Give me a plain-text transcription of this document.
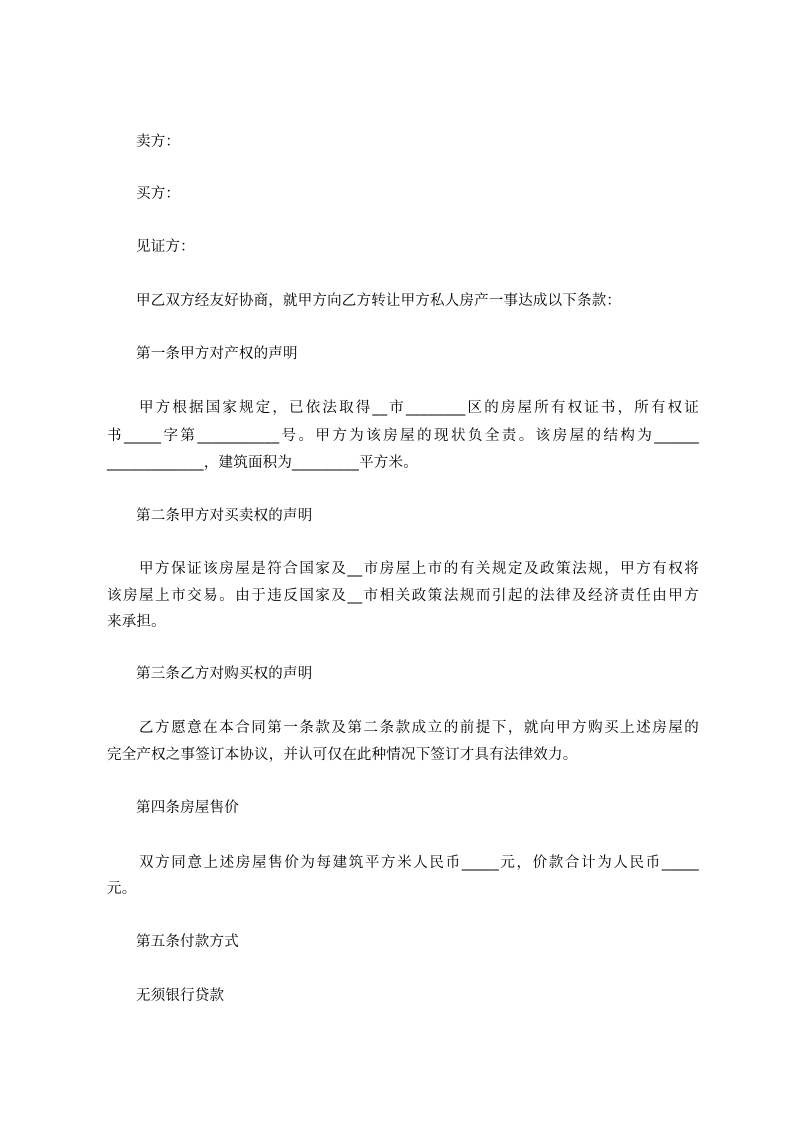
卖方：
买方：
见证方：
甲乙双方经友好协商，就甲方向乙方转让甲方私人房产一事达成以下条款：
第一条甲方对产权的声明
甲方根据国家规定，已依法取得__市________区的房屋所有权证书，所有权证
书_____字第___________号。甲方为该房屋的现状负全责。该房屋的结构为______
_____________，建筑面积为_________平方米。
第二条甲方对买卖权的声明
甲方保证该房屋是符合国家及__市房屋上市的有关规定及政策法规，甲方有权将
该房屋上市交易。由于违反国家及__市相关政策法规而引起的法律及经济责任由甲方
来承担。
第三条乙方对购买权的声明
乙方愿意在本合同第一条款及第二条款成立的前提下，就向甲方购买上述房屋的
完全产权之事签订本协议，并认可仅在此种情况下签订才具有法律效力。
第四条房屋售价
双方同意上述房屋售价为每建筑平方米人民币_____元，价款合计为人民币_____
元。
第五条付款方式
无须银行贷款
